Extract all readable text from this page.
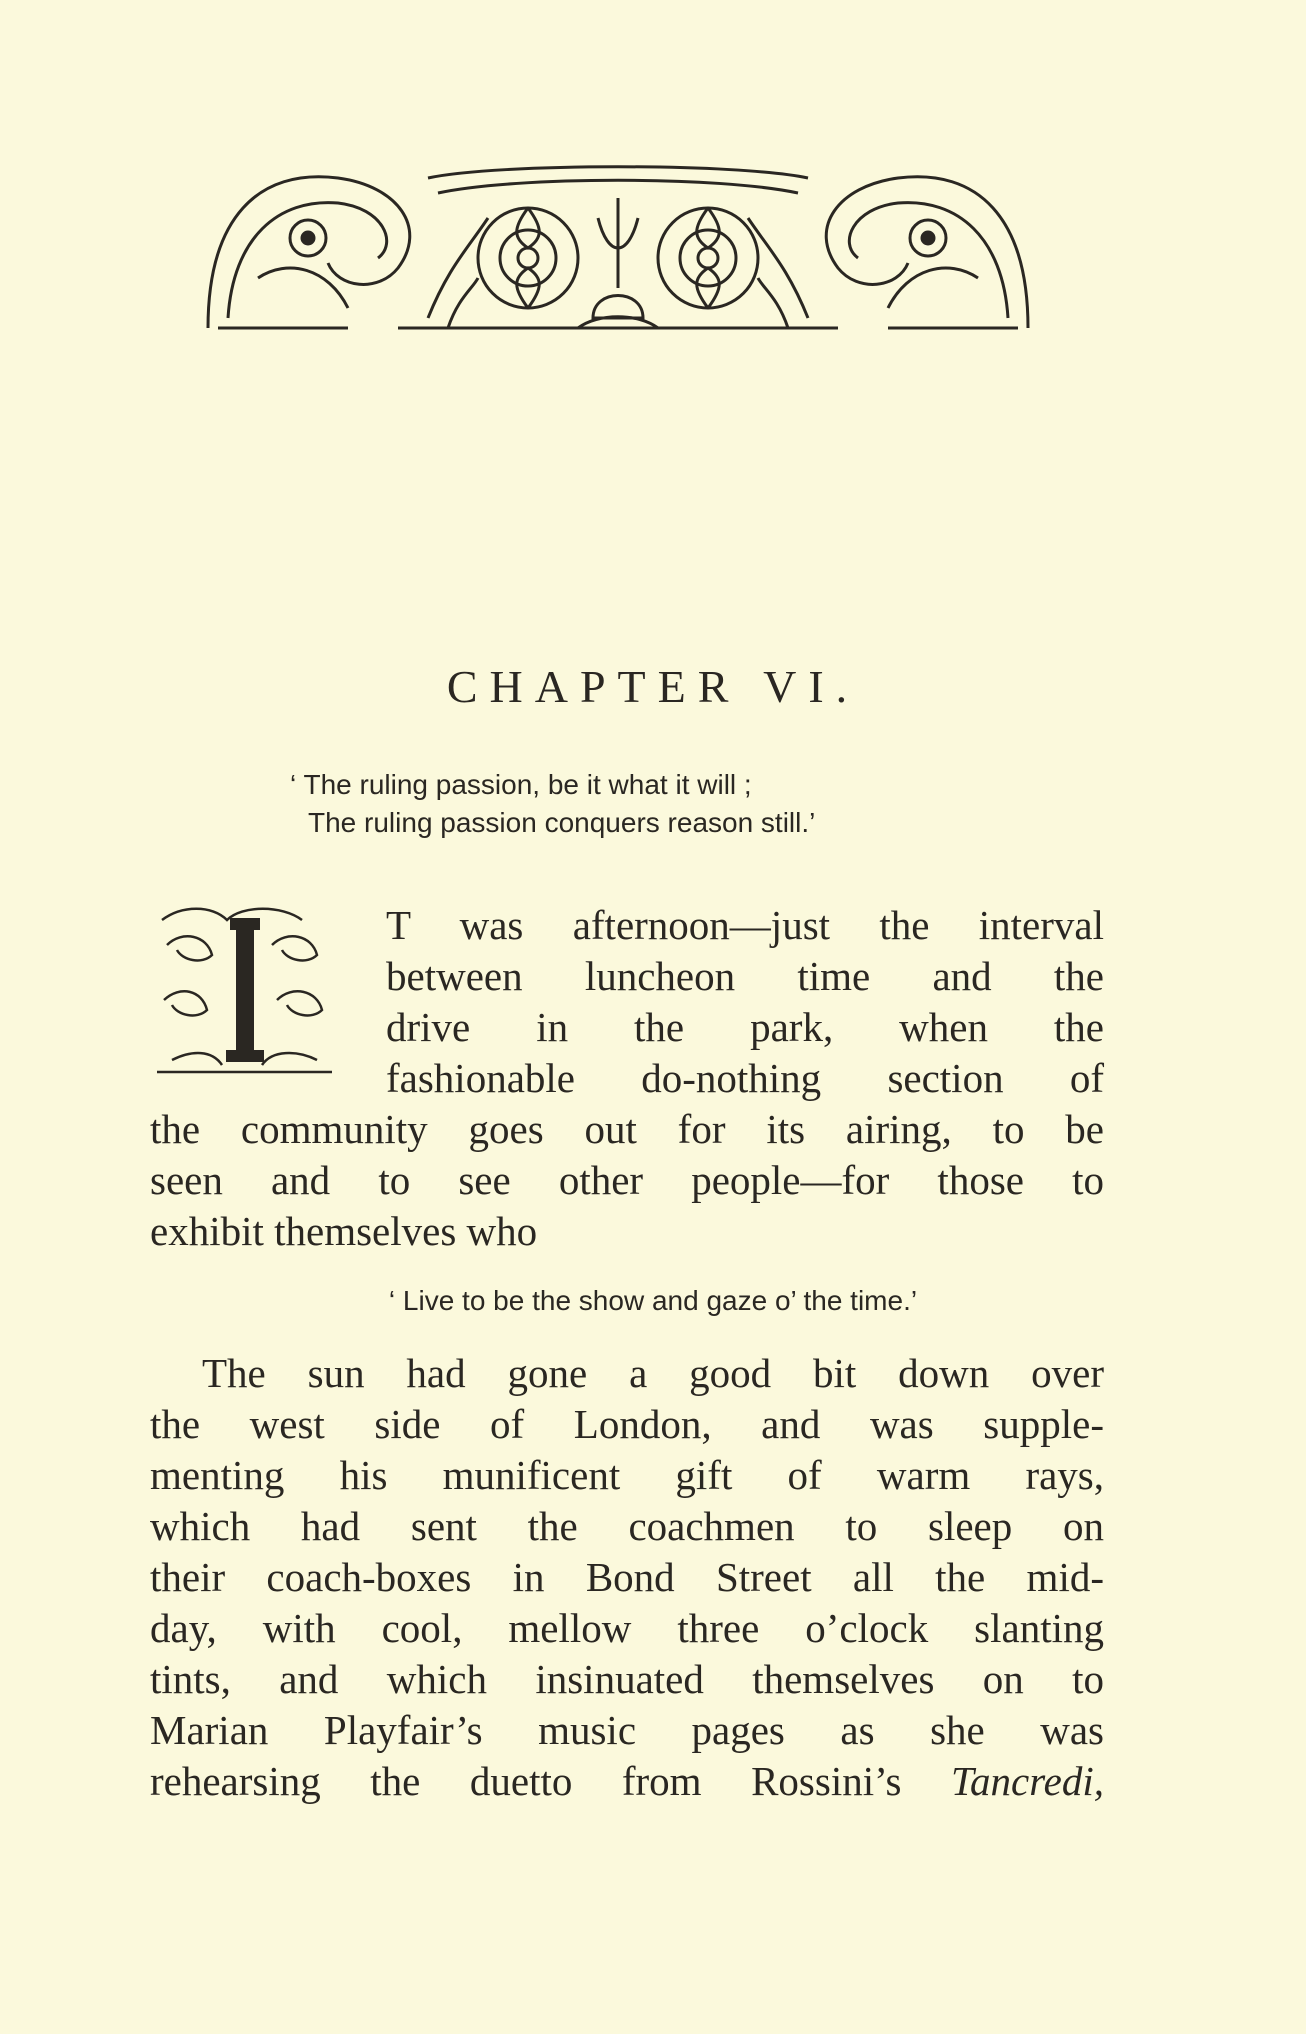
CHAPTER VI.
‘ The ruling passion, be it what it will ;
The ruling passion conquers reason still.’
I
T was afternoon—just the interval
between luncheon time and the
drive in the park, when the
fashionable do-nothing section of
the community goes out for its airing, to be
seen and to see other people—for those to
exhibit themselves who
‘ Live to be the show and gaze o’ the time.’
The sun had gone a good bit down over
the west side of London, and was supple-
menting his munificent gift of warm rays,
which had sent the coachmen to sleep on
their coach-boxes in Bond Street all the mid-
day, with cool, mellow three o’clock slanting
tints, and which insinuated themselves on to
Marian Playfair’s music pages as she was
rehearsing the duetto from Rossini’s Tancredi,
